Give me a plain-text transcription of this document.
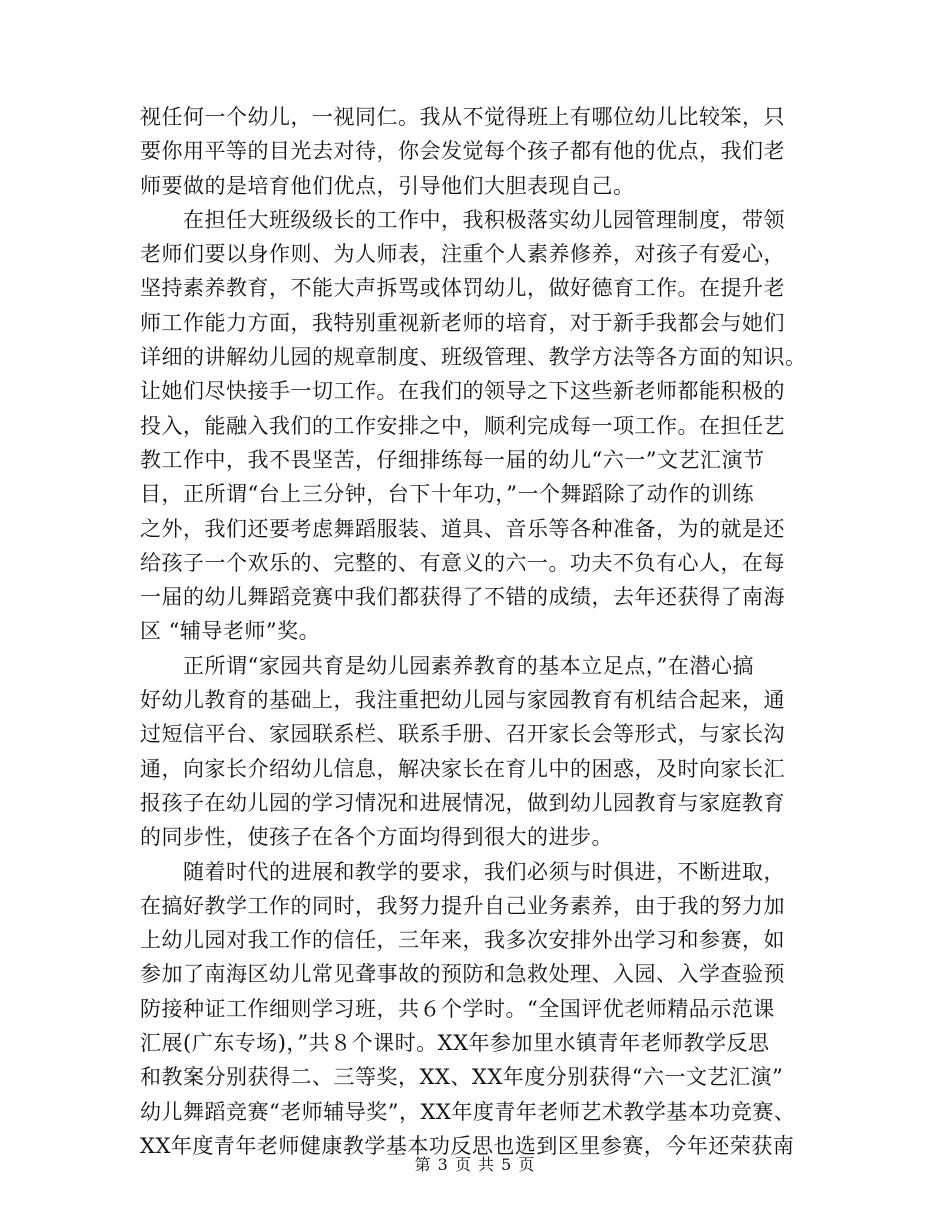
视任何一个幼儿，一视同仁。我从不觉得班上有哪位幼儿比较笨，只
要你用平等的目光去对待，你会发觉每个孩子都有他的优点，我们老
师要做的是培育他们优点，引导他们大胆表现自己。
　　在担任大班级级长的工作中，我积极落实幼儿园管理制度，带领
老师们要以身作则、为人师表，注重个人素养修养，对孩子有爱心，
坚持素养教育，不能大声拆骂或体罚幼儿，做好德育工作。在提升老
师工作能力方面，我特别重视新老师的培育，对于新手我都会与她们
详细的讲解幼儿园的规章制度、班级管理、教学方法等各方面的知识。
让她们尽快接手一切工作。在我们的领导之下这些新老师都能积极的
投入，能融入我们的工作安排之中，顺利完成每一项工作。在担任艺
教工作中，我不畏坚苦，仔细排练每一届的幼儿“六一”文艺汇演节
目，正所谓“台上三分钟，台下十年功，”一个舞蹈除了动作的训练
之外，我们还要考虑舞蹈服装、道具、音乐等各种准备，为的就是还
给孩子一个欢乐的、完整的、有意义的六一。功夫不负有心人，在每
一届的幼儿舞蹈竞赛中我们都获得了不错的成绩，去年还获得了南海
区 “辅导老师”奖。
　　正所谓“家园共育是幼儿园素养教育的基本立足点，”在潜心搞
好幼儿教育的基础上，我注重把幼儿园与家园教育有机结合起来，通
过短信平台、家园联系栏、联系手册、召开家长会等形式，与家长沟
通，向家长介绍幼儿信息，解决家长在育儿中的困惑，及时向家长汇
报孩子在幼儿园的学习情况和进展情况，做到幼儿园教育与家庭教育
的同步性，使孩子在各个方面均得到很大的进步。
　　随着时代的进展和教学的要求，我们必须与时俱进，不断进取，
在搞好教学工作的同时，我努力提升自己业务素养，由于我的努力加
上幼儿园对我工作的信任，三年来，我多次安排外出学习和参赛，如
参加了南海区幼儿常见聋事故的预防和急救处理、入园、入学查验预
防接种证工作细则学习班，共６个学时。“全国评优老师精品示范课
汇展(广东专场)，”共８个课时。XX年参加里水镇青年老师教学反思
和教案分别获得二、三等奖，XX、XX年度分别获得“六一文艺汇演”
幼儿舞蹈竞赛“老师辅导奖”，XX年度青年老师艺术教学基本功竞赛、
XX年度青年老师健康教学基本功反思也选到区里参赛，今年还荣获南
第 3 页 共 5 页
